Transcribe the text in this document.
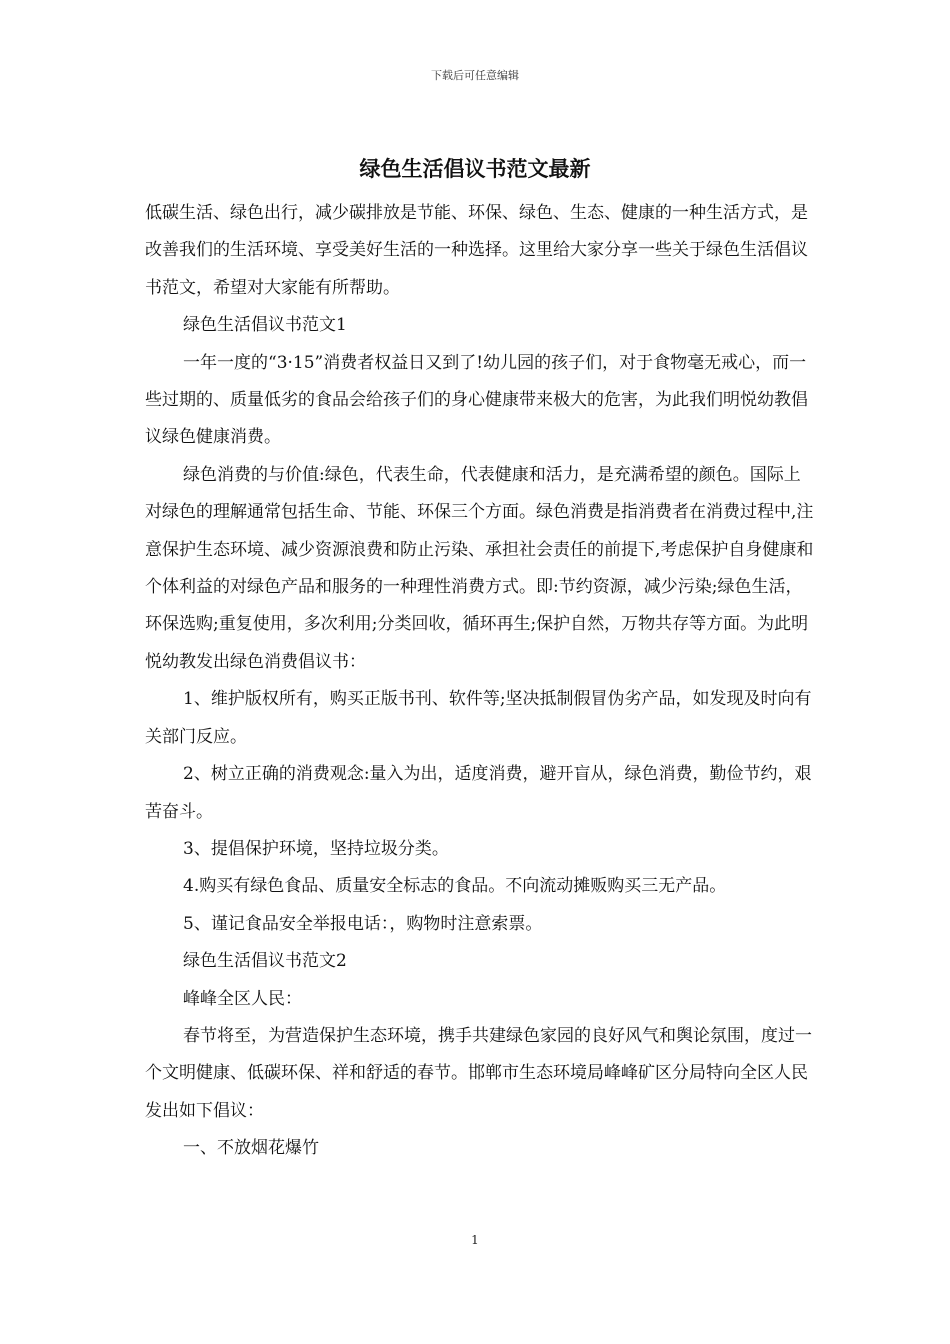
下载后可任意编辑
绿色生活倡议书范文最新

低碳生活、绿色出行，减少碳排放是节能、环保、绿色、生态、健康的一种生活方式，是改善我们的生活环境、享受美好生活的一种选择。这里给大家分享一些关于绿色生活倡议书范文，希望对大家能有所帮助。

绿色生活倡议书范文1

一年一度的“3·15”消费者权益日又到了!幼儿园的孩子们，对于食物毫无戒心，而一些过期的、质量低劣的食品会给孩子们的身心健康带来极大的危害，为此我们明悦幼教倡议绿色健康消费。

绿色消费的与价值:绿色，代表生命，代表健康和活力，是充满希望的颜色。国际上对绿色的理解通常包括生命、节能、环保三个方面。绿色消费是指消费者在消费过程中,注意保护生态环境、减少资源浪费和防止污染、承担社会责任的前提下,考虑保护自身健康和个体利益的对绿色产品和服务的一种理性消费方式。即:节约资源，减少污染;绿色生活，环保选购;重复使用，多次利用;分类回收，循环再生;保护自然，万物共存等方面。为此明悦幼教发出绿色消费倡议书：

1、维护版权所有，购买正版书刊、软件等;坚决抵制假冒伪劣产品，如发现及时向有关部门反应。

2、树立正确的消费观念:量入为出，适度消费，避开盲从，绿色消费，勤俭节约，艰苦奋斗。

3、提倡保护环境，坚持垃圾分类。

4.购买有绿色食品、质量安全标志的食品。不向流动摊贩购买三无产品。

5、谨记食品安全举报电话：，购物时注意索票。

绿色生活倡议书范文2

峰峰全区人民：

春节将至，为营造保护生态环境，携手共建绿色家园的良好风气和舆论氛围，度过一个文明健康、低碳环保、祥和舒适的春节。邯郸市生态环境局峰峰矿区分局特向全区人民发出如下倡议：

一、不放烟花爆竹

1
